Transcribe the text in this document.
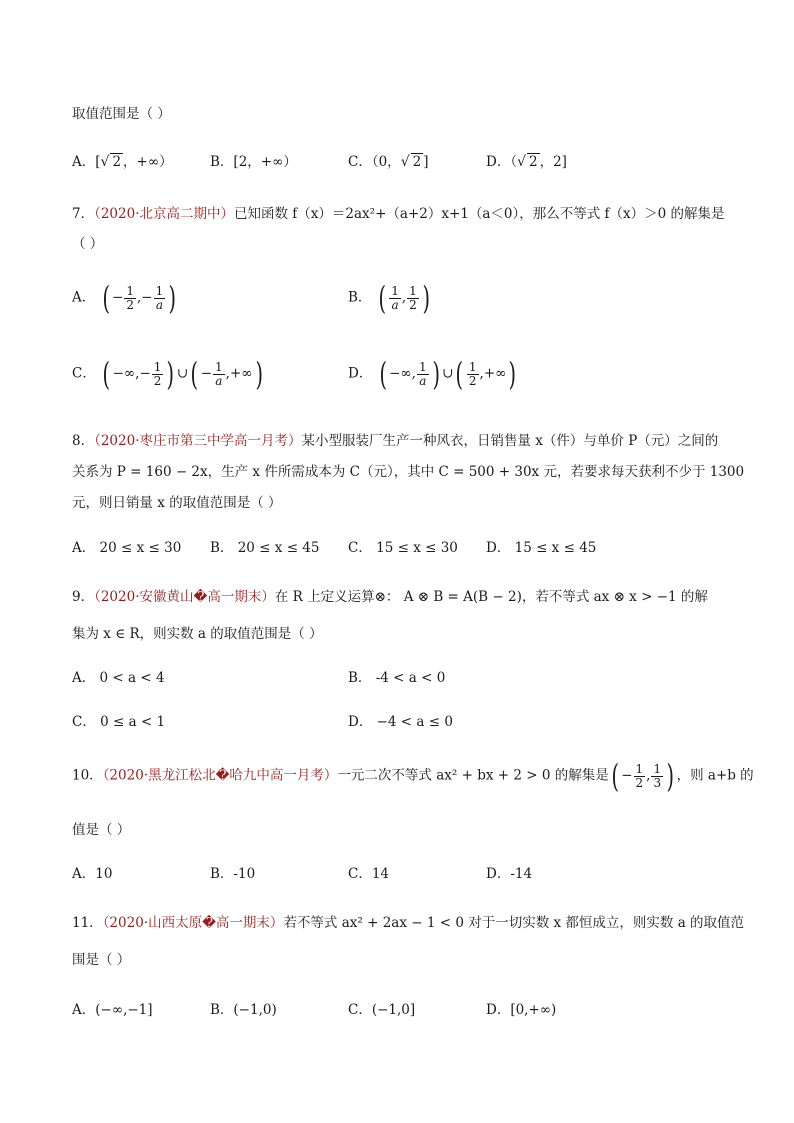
取值范围是（ ）
A．[√ 2 ，+∞）	B．[2，+∞）	C．（0，√ 2 ]	D．（√ 2 ，2]
7．（2020·北京高二期中）已知函数 f（x）＝2ax²+（a+2）x+1（a＜0），那么不等式 f（x）＞0 的解集是
（ ）
A． ( − $\frac{1}{2}$ ,− $\frac{1}{a}$ )	B． ( $\frac{1}{a}$ , $\frac{1}{2}$ )
C． ( −∞,− $\frac{1}{2}$ ) ∪( − $\frac{1}{a}$ ,+∞)	D． ( −∞, $\frac{1}{a}$ ) ∪( $\frac{1}{2}$ ,+∞)
8．（2020·枣庄市第三中学高一月考）某小型服装厂生产一种风衣，日销售量 x（件）与单价 P（元）之间的
关系为 P = 160 − 2x，生产 x 件所需成本为 C（元），其中 C = 500 + 30x 元，若要求每天获利不少于 1300
元，则日销量 x 的取值范围是（ ）
A． 20 ≤ x ≤ 30 B． 20 ≤ x ≤ 45 C． 15 ≤ x ≤ 30 D． 15 ≤ x ≤ 45
9．（2020·安徽黄山�高一期末）在 R 上定义运算⊗： A ⊗ B = A(B − 2)，若不等式 ax ⊗ x > −1 的解
集为 x ∈ R，则实数 a 的取值范围是（ ）
A． 0 < a < 4	B． -4 < a < 0
C． 0 ≤ a < 1	D． −4 < a ≤ 0
10．（2020·黑龙江松北�哈九中高一月考）一元二次不等式 ax² + bx + 2 > 0 的解集是( − $\frac{1}{2}$ , $\frac{1}{3}$ ) ，则 a+b 的
值是（ ）
A．10	B．-10	C．14	D．-14
11．（2020·山西太原�高一期末）若不等式 ax² + 2ax − 1 < 0 对于一切实数 x 都恒成立，则实数 a 的取值范
围是（ ）
A．(−∞,−1]	B．(−1,0)	C．(−1,0]	D．[0,+∞)
